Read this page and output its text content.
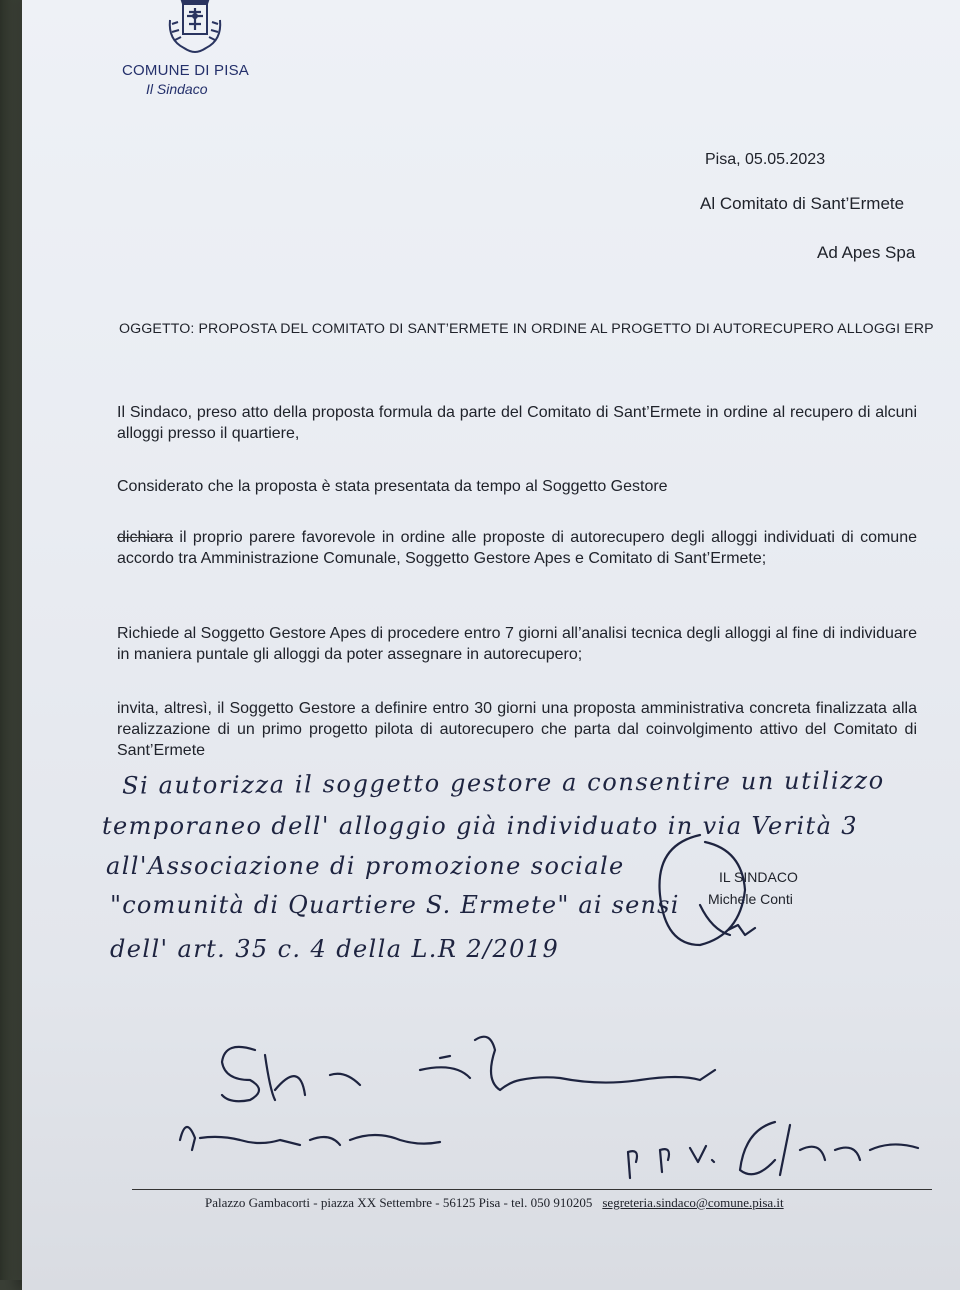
COMUNE DI PISA
Il Sindaco
Pisa, 05.05.2023
Al Comitato di Sant’Ermete
Ad Apes Spa
OGGETTO: PROPOSTA DEL COMITATO DI SANT’ERMETE IN ORDINE AL PROGETTO DI AUTORECUPERO ALLOGGI ERP
Il Sindaco, preso atto della proposta formula da parte del Comitato di Sant’Ermete in ordine al recupero di alcuni alloggi presso il quartiere,
Considerato che la proposta è stata presentata da tempo al Soggetto Gestore
dichiara il proprio parere favorevole in ordine alle proposte di autorecupero degli alloggi individuati di comune accordo tra Amministrazione Comunale, Soggetto Gestore Apes e Comitato di Sant’Ermete;
Richiede al Soggetto Gestore Apes di procedere entro 7 giorni all’analisi tecnica degli alloggi al fine di individuare in maniera puntale gli alloggi da poter assegnare in autorecupero;
invita, altresì, il Soggetto Gestore a definire entro 30 giorni una proposta amministrativa concreta finalizzata alla realizzazione di un primo progetto pilota di autorecupero che parta dal coinvolgimento attivo del Comitato di Sant’Ermete
Si autorizza il soggetto gestore a consentire un utilizzo
temporaneo dell' alloggio già individuato in via Verità 3
all'Associazione di promozione sociale
"comunità di Quartiere S. Ermete" ai sensi
dell' art. 35 c. 4 della L.R 2/2019
IL SINDACO
Michele Conti
Palazzo Gambacorti - piazza XX Settembre - 56125 Pisa - tel. 050 910205 segreteria.sindaco@comune.pisa.it
